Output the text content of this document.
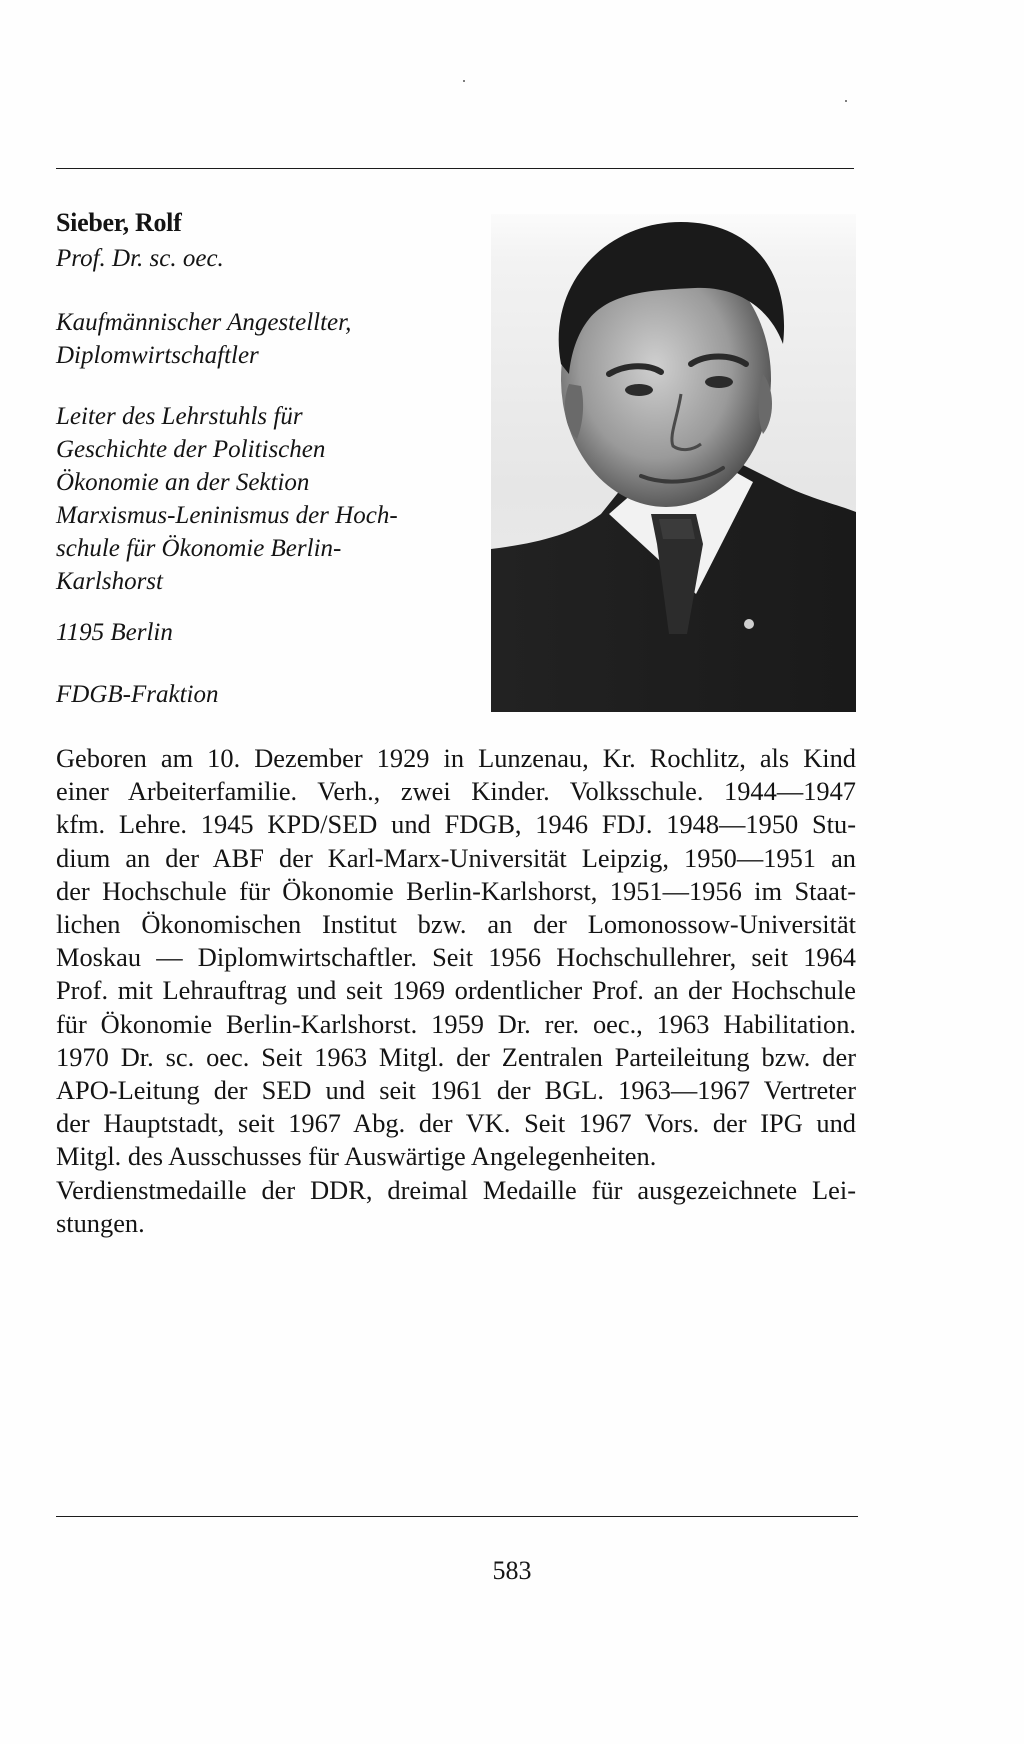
Sieber, Rolf
Prof. Dr. sc. oec.
Kaufmännischer Angestellter,
Diplomwirtschaftler
Leiter des Lehrstuhls für
Geschichte der Politischen
Ökonomie an der Sektion
Marxismus-Leninismus der Hoch-
schule für Ökonomie Berlin-
Karlshorst
1195 Berlin
FDGB-Fraktion
Geboren am 10. Dezember 1929 in Lunzenau, Kr. Rochlitz, als Kind
einer Arbeiterfamilie. Verh., zwei Kinder. Volksschule. 1944—1947
kfm. Lehre. 1945 KPD/SED und FDGB, 1946 FDJ. 1948—1950 Stu-
dium an der ABF der Karl-Marx-Universität Leipzig, 1950—1951 an
der Hochschule für Ökonomie Berlin-Karlshorst, 1951—1956 im Staat-
lichen Ökonomischen Institut bzw. an der Lomonossow-Universität
Moskau — Diplomwirtschaftler. Seit 1956 Hochschullehrer, seit 1964
Prof. mit Lehrauftrag und seit 1969 ordentlicher Prof. an der Hochschule
für Ökonomie Berlin-Karlshorst. 1959 Dr. rer. oec., 1963 Habilitation.
1970 Dr. sc. oec. Seit 1963 Mitgl. der Zentralen Parteileitung bzw. der
APO-Leitung der SED und seit 1961 der BGL. 1963—1967 Vertreter
der Hauptstadt, seit 1967 Abg. der VK. Seit 1967 Vors. der IPG und
Mitgl. des Ausschusses für Auswärtige Angelegenheiten.
Verdienstmedaille der DDR, dreimal Medaille für ausgezeichnete Lei-
stungen.
583
